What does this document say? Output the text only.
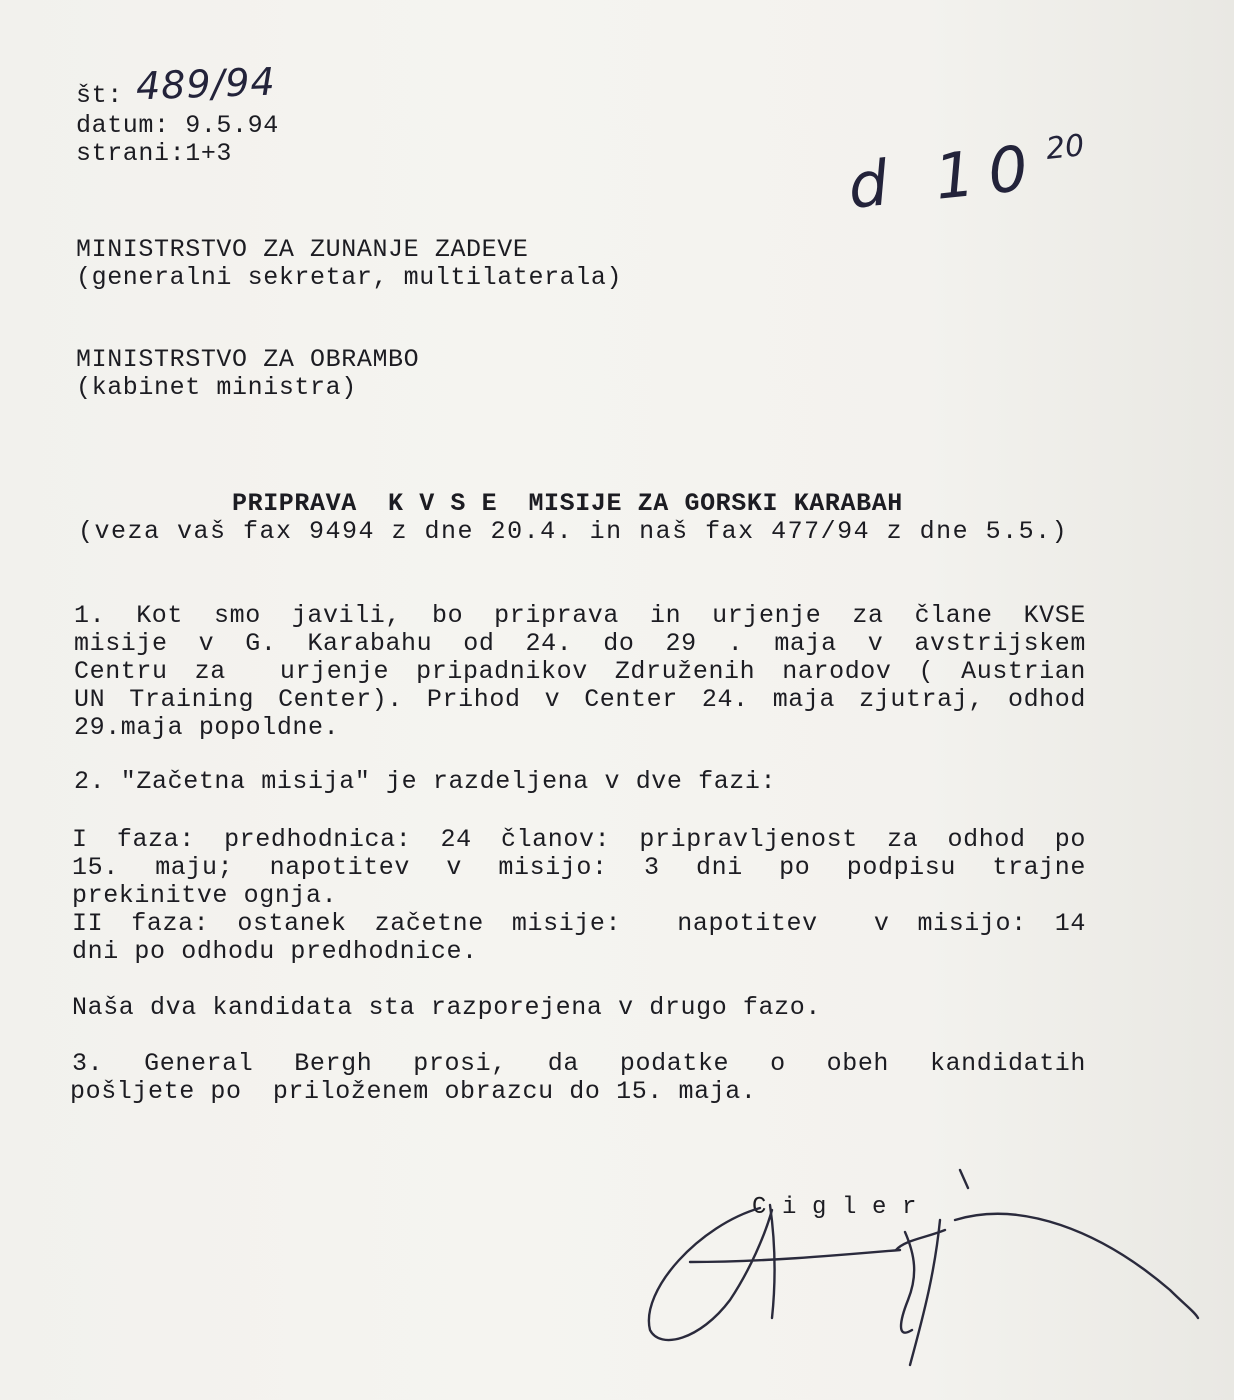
št: 489/94
datum: 9.5.94
strani:1+3	d 10 20
MINISTRSTVO ZA ZUNANJE ZADEVE
(generalni sekretar, multilaterala)
MINISTRSTVO ZA OBRAMBO
(kabinet ministra)
PRIPRAVA  K V S E  MISIJE ZA GORSKI KARABAH
(veza vaš fax 9494 z dne 20.4. in naš fax 477/94 z dne 5.5.)
1. Kot smo javili, bo priprava in urjenje za člane KVSE
misije v G. Karabahu od 24. do 29 . maja v avstrijskem
Centru za  urjenje pripadnikov Združenih narodov ( Austrian
UN Training Center). Prihod v Center 24. maja zjutraj, odhod
29.maja popoldne.
2. "Začetna misija" je razdeljena v dve fazi:
I faza: predhodnica: 24 članov: pripravljenost za odhod po
15. maju; napotitev v misijo: 3 dni po podpisu trajne
prekinitve ognja.
II faza: ostanek začetne misije:  napotitev  v misijo: 14
dni po odhodu predhodnice.
Naša dva kandidata sta razporejena v drugo fazo.
3. General Bergh prosi, da podatke o obeh kandidatih
pošljete po  priloženem obrazcu do 15. maja.
C i g l e r
